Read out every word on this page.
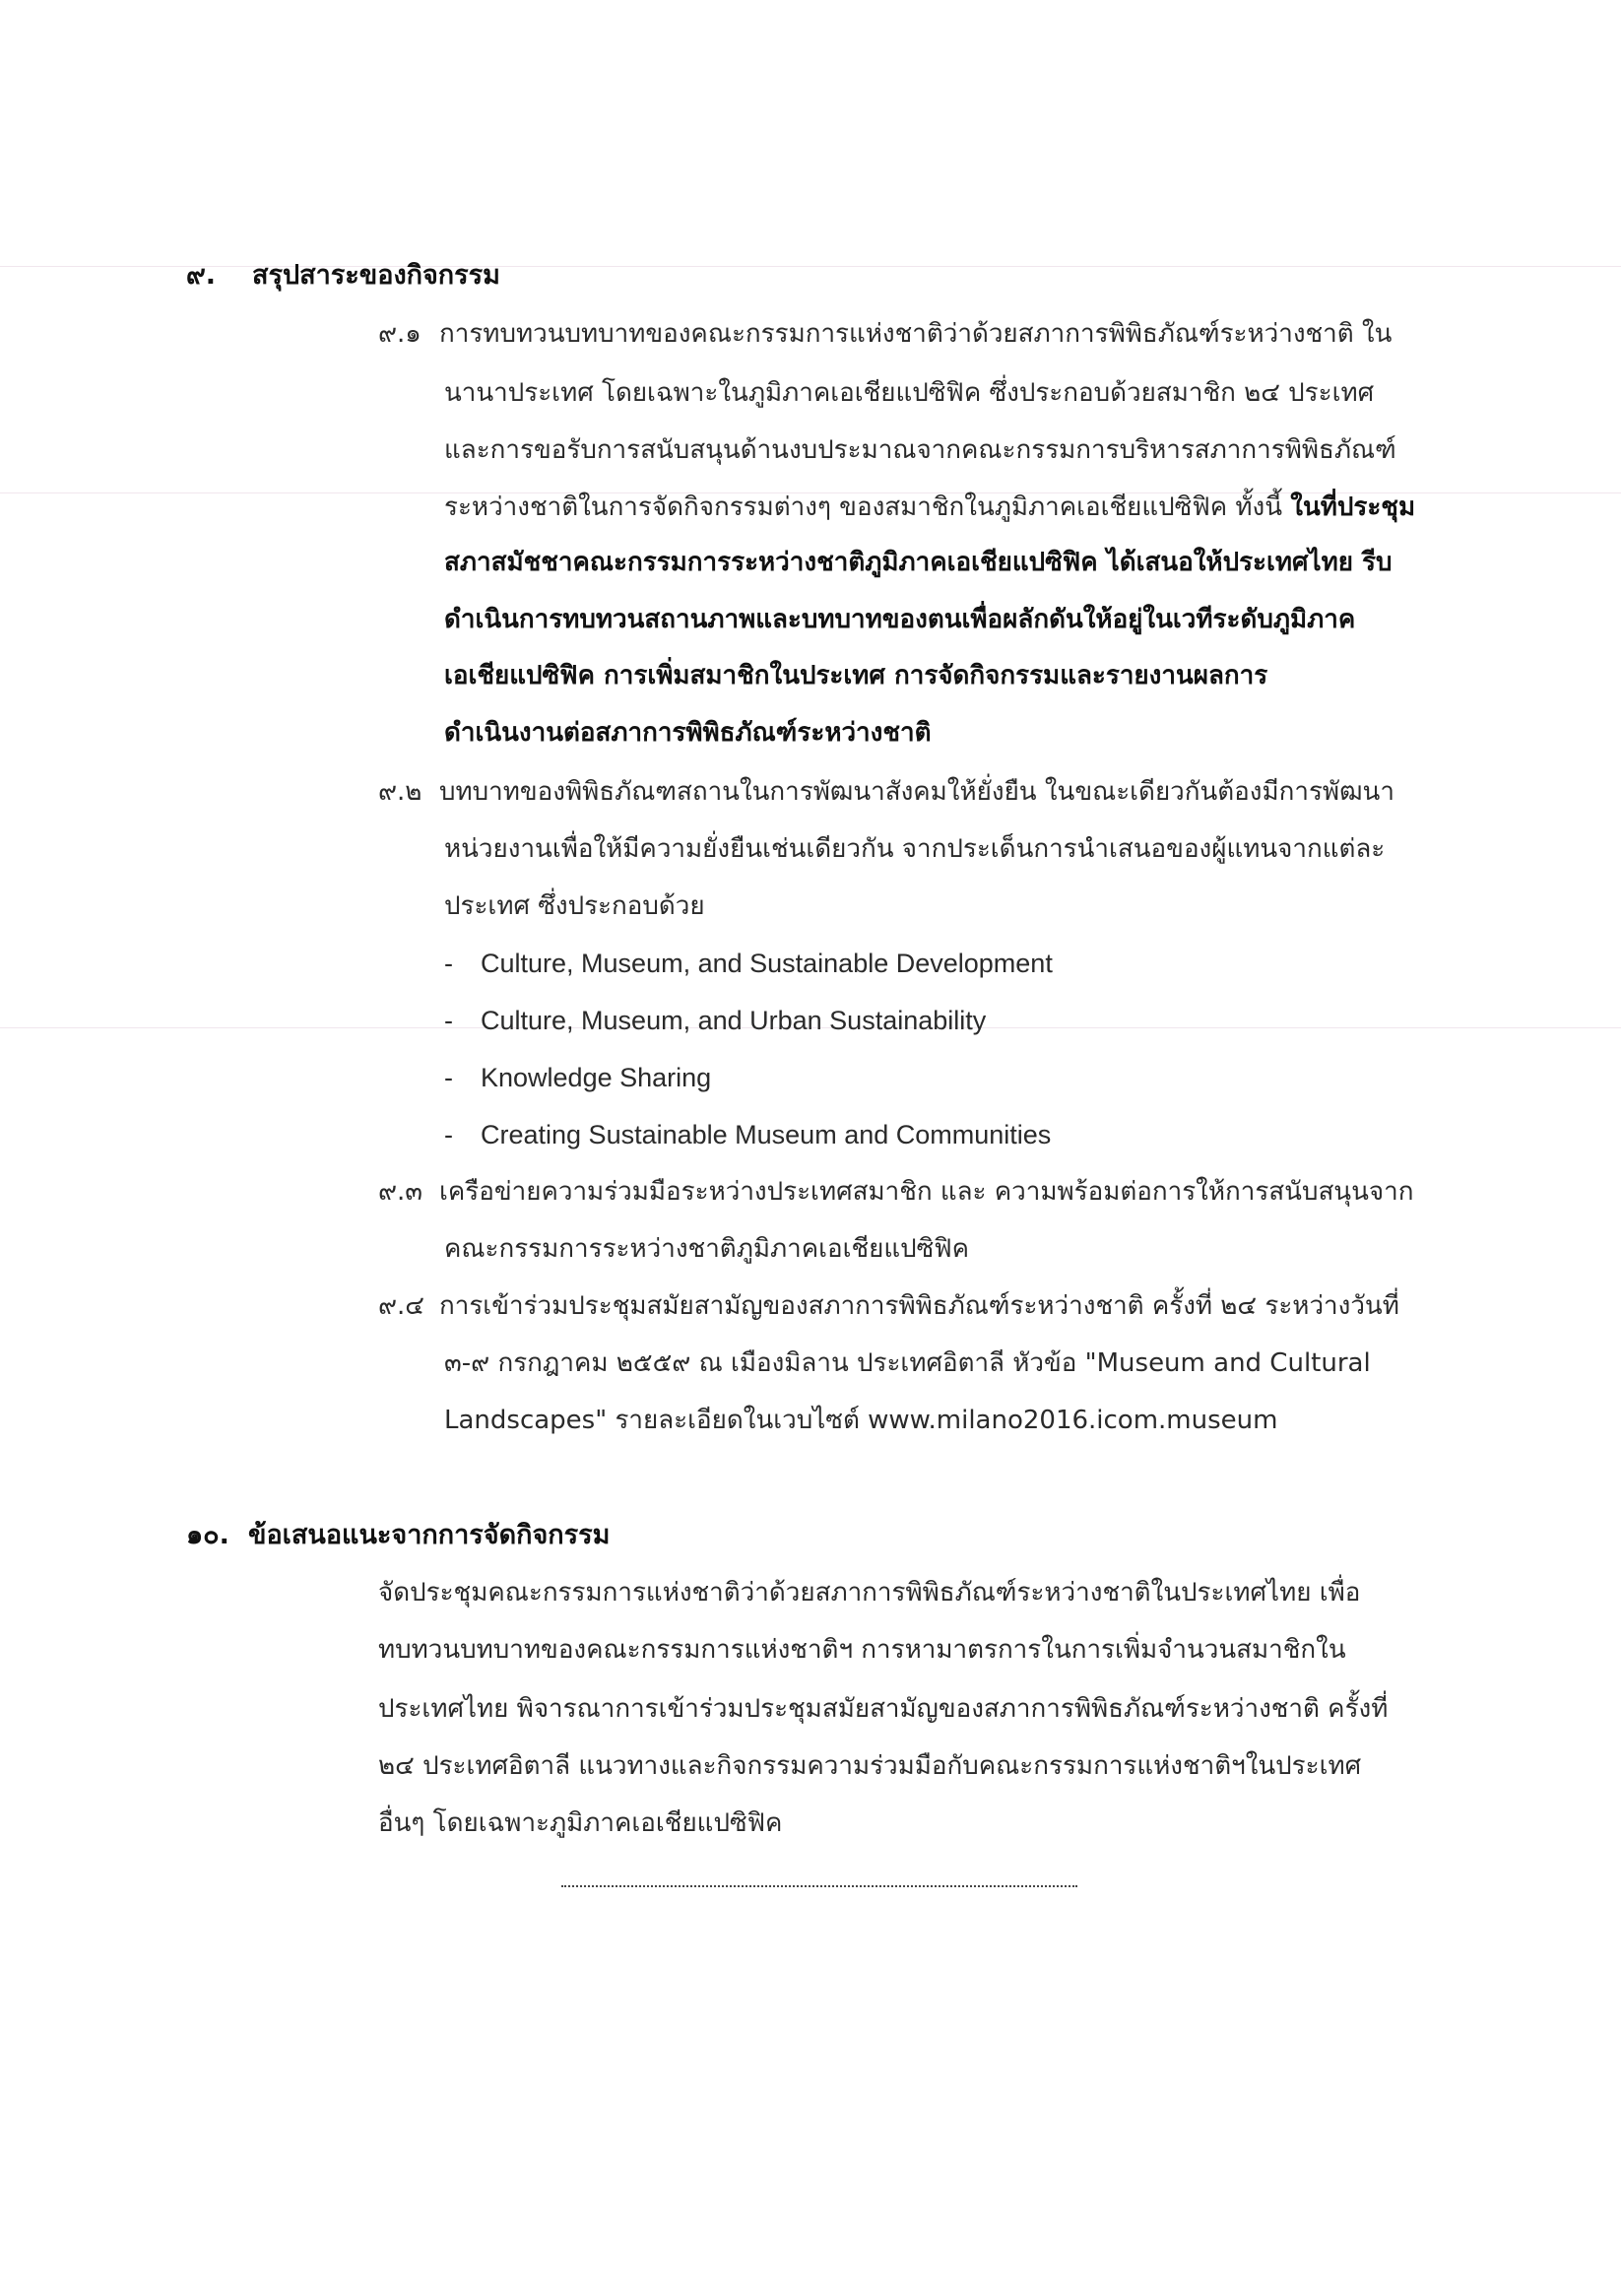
๙. สรุปสาระของกิจกรรม
๙.๑ การทบทวนบทบาทของคณะกรรมการแห่งชาติว่าด้วยสภาการพิพิธภัณฑ์ระหว่างชาติ ใน
นานาประเทศ โดยเฉพาะในภูมิภาคเอเชียแปซิฟิค ซึ่งประกอบด้วยสมาชิก ๒๔ ประเทศ
และการขอรับการสนับสนุนด้านงบประมาณจากคณะกรรมการบริหารสภาการพิพิธภัณฑ์
ระหว่างชาติในการจัดกิจกรรมต่างๆ ของสมาชิกในภูมิภาคเอเชียแปซิฟิค ทั้งนี้ ในที่ประชุม
สภาสมัชชาคณะกรรมการระหว่างชาติภูมิภาคเอเชียแปซิฟิค ได้เสนอให้ประเทศไทย รีบ
ดำเนินการทบทวนสถานภาพและบทบาทของตนเพื่อผลักดันให้อยู่ในเวทีระดับภูมิภาค
เอเชียแปซิฟิค การเพิ่มสมาชิกในประเทศ การจัดกิจกรรมและรายงานผลการ
ดำเนินงานต่อสภาการพิพิธภัณฑ์ระหว่างชาติ
๙.๒ บทบาทของพิพิธภัณฑสถานในการพัฒนาสังคมให้ยั่งยืน ในขณะเดียวกันต้องมีการพัฒนา
หน่วยงานเพื่อให้มีความยั่งยืนเช่นเดียวกัน จากประเด็นการนำเสนอของผู้แทนจากแต่ละ
ประเทศ ซึ่งประกอบด้วย
- Culture, Museum, and Sustainable Development
- Culture, Museum, and Urban Sustainability
- Knowledge Sharing
- Creating Sustainable Museum and Communities
๙.๓ เครือข่ายความร่วมมือระหว่างประเทศสมาชิก และ ความพร้อมต่อการให้การสนับสนุนจาก
คณะกรรมการระหว่างชาติภูมิภาคเอเชียแปซิฟิค
๙.๔ การเข้าร่วมประชุมสมัยสามัญของสภาการพิพิธภัณฑ์ระหว่างชาติ ครั้งที่ ๒๔ ระหว่างวันที่
๓-๙ กรกฎาคม ๒๕๕๙ ณ เมืองมิลาน ประเทศอิตาลี หัวข้อ "Museum and Cultural
Landscapes" รายละเอียดในเวบไซต์ www.milano2016.icom.museum
๑๐. ข้อเสนอแนะจากการจัดกิจกรรม
จัดประชุมคณะกรรมการแห่งชาติว่าด้วยสภาการพิพิธภัณฑ์ระหว่างชาติในประเทศไทย เพื่อ
ทบทวนบทบาทของคณะกรรมการแห่งชาติฯ การหามาตรการในการเพิ่มจำนวนสมาชิกใน
ประเทศไทย พิจารณาการเข้าร่วมประชุมสมัยสามัญของสภาการพิพิธภัณฑ์ระหว่างชาติ ครั้งที่
๒๔ ประเทศอิตาลี แนวทางและกิจกรรมความร่วมมือกับคณะกรรมการแห่งชาติฯในประเทศ
อื่นๆ โดยเฉพาะภูมิภาคเอเชียแปซิฟิค
